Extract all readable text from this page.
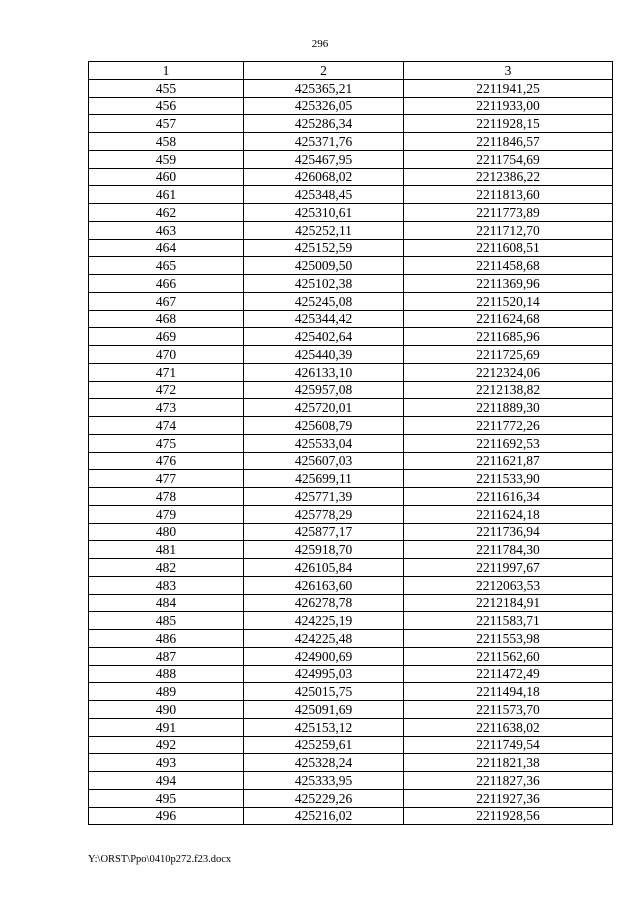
296
1	2	3
455	425365,21	2211941,25
456	425326,05	2211933,00
457	425286,34	2211928,15
458	425371,76	2211846,57
459	425467,95	2211754,69
460	426068,02	2212386,22
461	425348,45	2211813,60
462	425310,61	2211773,89
463	425252,11	2211712,70
464	425152,59	2211608,51
465	425009,50	2211458,68
466	425102,38	2211369,96
467	425245,08	2211520,14
468	425344,42	2211624,68
469	425402,64	2211685,96
470	425440,39	2211725,69
471	426133,10	2212324,06
472	425957,08	2212138,82
473	425720,01	2211889,30
474	425608,79	2211772,26
475	425533,04	2211692,53
476	425607,03	2211621,87
477	425699,11	2211533,90
478	425771,39	2211616,34
479	425778,29	2211624,18
480	425877,17	2211736,94
481	425918,70	2211784,30
482	426105,84	2211997,67
483	426163,60	2212063,53
484	426278,78	2212184,91
485	424225,19	2211583,71
486	424225,48	2211553,98
487	424900,69	2211562,60
488	424995,03	2211472,49
489	425015,75	2211494,18
490	425091,69	2211573,70
491	425153,12	2211638,02
492	425259,61	2211749,54
493	425328,24	2211821,38
494	425333,95	2211827,36
495	425229,26	2211927,36
496	425216,02	2211928,56
Y:\ORST\Ppo\0410p272.f23.docx
